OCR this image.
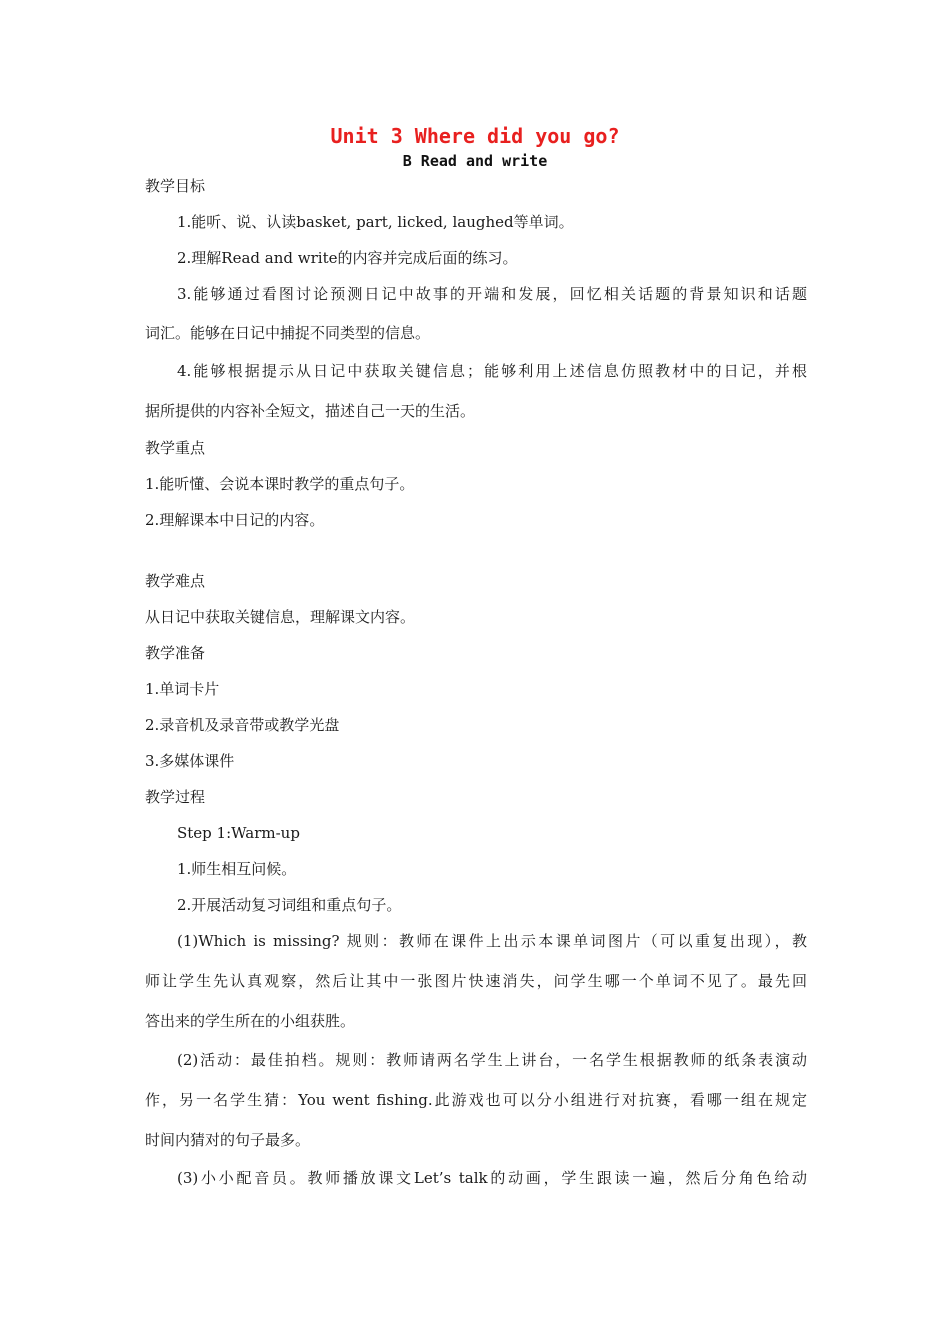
Unit 3 Where did you go?
B Read and write
教学目标
1.能听、说、认读basket, part, licked, laughed等单词。
2.理解Read and write的内容并完成后面的练习。
3.能够通过看图讨论预测日记中故事的开端和发展，回忆相关话题的背景知识和话题
词汇。能够在日记中捕捉不同类型的信息。
4.能够根据提示从日记中获取关键信息；能够利用上述信息仿照教材中的日记，并根
据所提供的内容补全短文，描述自己一天的生活。
教学重点
1.能听懂、会说本课时教学的重点句子。
2.理解课本中日记的内容。
教学难点
从日记中获取关键信息，理解课文内容。
教学准备
1.单词卡片
2.录音机及录音带或教学光盘
3.多媒体课件
教学过程
Step 1:Warm-up
1.师生相互问候。
2.开展活动复习词组和重点句子。
(1)Which is missing? 规则：教师在课件上出示本课单词图片（可以重复出现），教
师让学生先认真观察，然后让其中一张图片快速消失，问学生哪一个单词不见了。最先回
答出来的学生所在的小组获胜。
(2)活动：最佳拍档。规则：教师请两名学生上讲台，一名学生根据教师的纸条表演动
作，另一名学生猜：You went fishing.此游戏也可以分小组进行对抗赛，看哪一组在规定
时间内猜对的句子最多。
(3)小小配音员。教师播放课文Let’s talk的动画，学生跟读一遍，然后分角色给动
